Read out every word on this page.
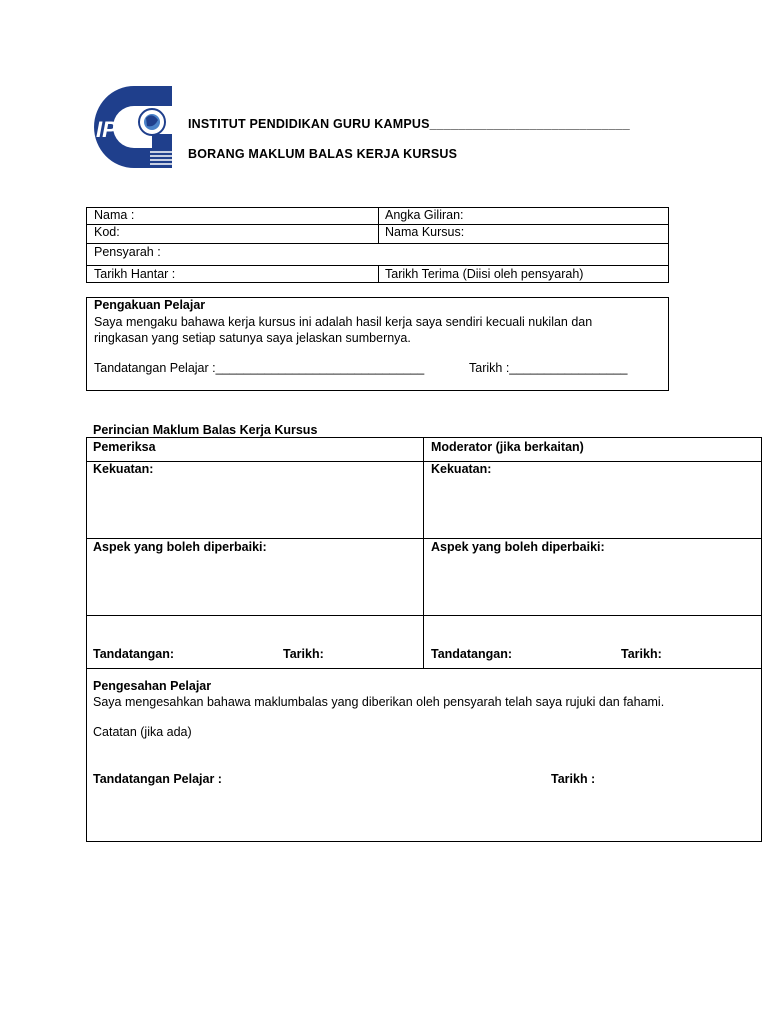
IPG	INSTITUT PENDIDIKAN GURU KAMPUS____________________________
BORANG MAKLUM BALAS KERJA KURSUS
Nama :	Angka Giliran:
Kod:	Nama Kursus:
Pensyarah :
Tarikh Hantar :	Tarikh Terima (Diisi oleh pensyarah)
Pengakuan Pelajar
Saya mengaku bahawa kerja kursus ini adalah hasil kerja saya sendiri kecuali nukilan dan
ringkasan yang setiap satunya saya jelaskan sumbernya.
Tandatangan Pelajar :______________________________	Tarikh :_________________
Perincian Maklum Balas Kerja Kursus
Pemeriksa	Moderator (jika berkaitan)
Kekuatan:	Kekuatan:
Aspek yang boleh diperbaiki:	Aspek yang boleh diperbaiki:
Tandatangan:	Tarikh:	Tandatangan:	Tarikh:
Pengesahan Pelajar
Saya mengesahkan bahawa maklumbalas yang diberikan oleh pensyarah telah saya rujuki dan fahami.
Catatan (jika ada)
Tandatangan Pelajar :	Tarikh :
